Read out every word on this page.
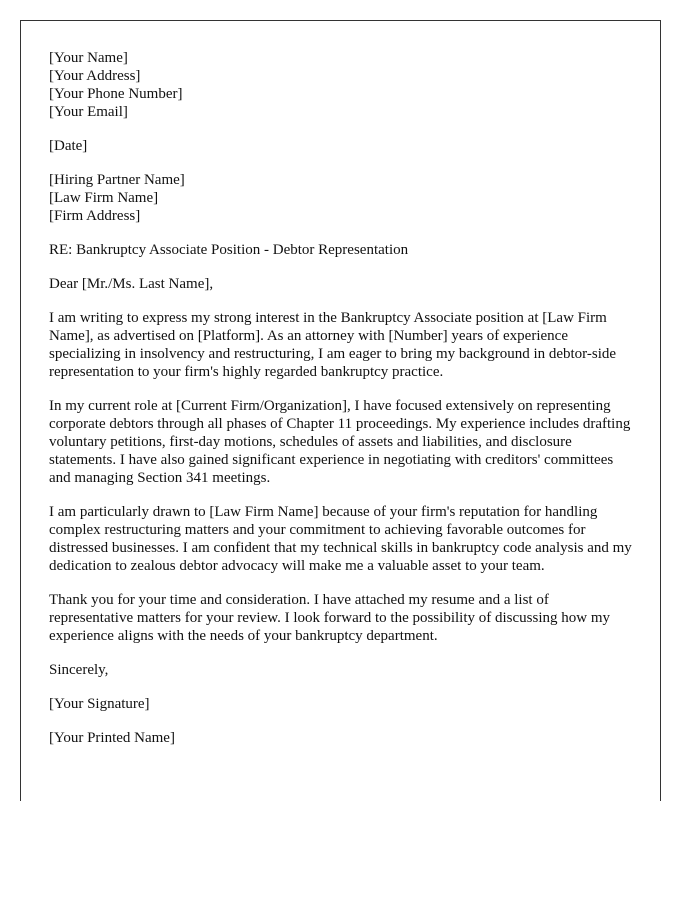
[Your Name]
[Your Address]
[Your Phone Number]
[Your Email]

[Date]

[Hiring Partner Name]
[Law Firm Name]
[Firm Address]

RE: Bankruptcy Associate Position - Debtor Representation

Dear [Mr./Ms. Last Name],

I am writing to express my strong interest in the Bankruptcy Associate position at [Law Firm Name], as advertised on [Platform]. As an attorney with [Number] years of experience specializing in insolvency and restructuring, I am eager to bring my background in debtor-side representation to your firm's highly regarded bankruptcy practice.

In my current role at [Current Firm/Organization], I have focused extensively on representing corporate debtors through all phases of Chapter 11 proceedings. My experience includes drafting voluntary petitions, first-day motions, schedules of assets and liabilities, and disclosure statements. I have also gained significant experience in negotiating with creditors' committees and managing Section 341 meetings.

I am particularly drawn to [Law Firm Name] because of your firm's reputation for handling complex restructuring matters and your commitment to achieving favorable outcomes for distressed businesses. I am confident that my technical skills in bankruptcy code analysis and my dedication to zealous debtor advocacy will make me a valuable asset to your team.

Thank you for your time and consideration. I have attached my resume and a list of representative matters for your review. I look forward to the possibility of discussing how my experience aligns with the needs of your bankruptcy department.

Sincerely,

[Your Signature]

[Your Printed Name]
